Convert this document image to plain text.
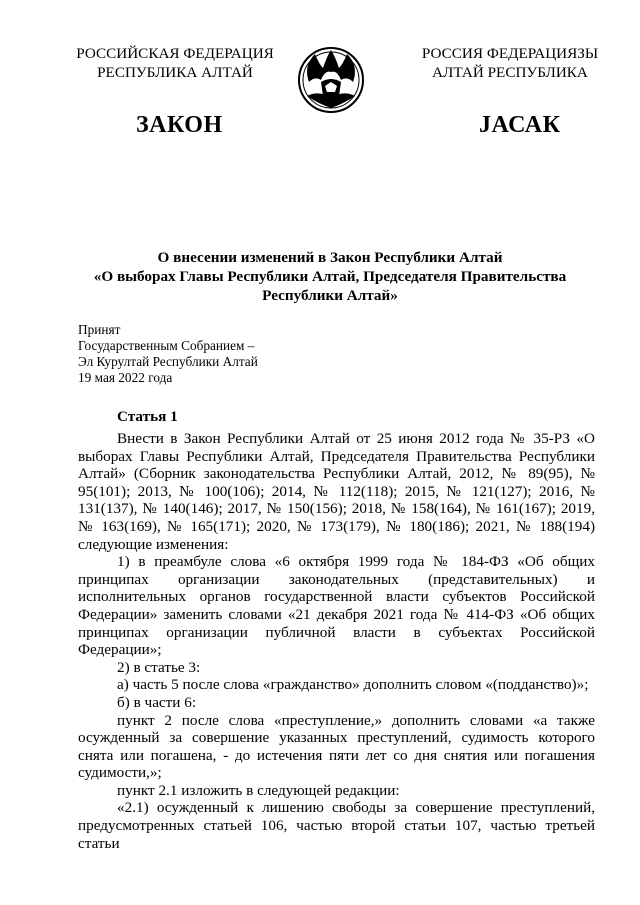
РОССИЙСКАЯ ФЕДЕРАЦИЯ
РЕСПУБЛИКА АЛТАЙ
РОССИЯ ФЕДЕРАЦИЯЗЫ
АЛТАЙ РЕСПУБЛИКА
ЗАКОН	ЈАСАК
О внесении изменений в Закон Республики Алтай
«О выборах Главы Республики Алтай, Председателя Правительства
Республики Алтай»
Принят
Государственным Собранием –
Эл Курултай Республики Алтай
19 мая 2022 года
Статья 1

Внести в Закон Республики Алтай от 25 июня 2012 года № 35-РЗ «О выборах Главы Республики Алтай, Председателя Правительства Республики Алтай» (Сборник законодательства Республики Алтай, 2012, № 89(95), № 95(101); 2013, № 100(106); 2014, № 112(118); 2015, № 121(127); 2016, № 131(137), № 140(146); 2017, № 150(156); 2018, № 158(164), № 161(167); 2019, № 163(169), № 165(171); 2020, № 173(179), № 180(186); 2021, № 188(194) следующие изменения:

1) в преамбуле слова «6 октября 1999 года № 184-ФЗ «Об общих принципах организации законодательных (представительных) и исполнительных органов государственной власти субъектов Российской Федерации» заменить словами «21 декабря 2021 года № 414-ФЗ «Об общих принципах организации публичной власти в субъектах Российской Федерации»;

2) в статье 3:

а) часть 5 после слова «гражданство» дополнить словом «(подданство)»;

б) в части 6:

пункт 2 после слова «преступление,» дополнить словами «а также осужденный за совершение указанных преступлений, судимость которого снята или погашена, - до истечения пяти лет со дня снятия или погашения судимости,»;

пункт 2.1 изложить в следующей редакции:

«2.1) осужденный к лишению свободы за совершение преступлений, предусмотренных статьей 106, частью второй статьи 107, частью третьей статьи
